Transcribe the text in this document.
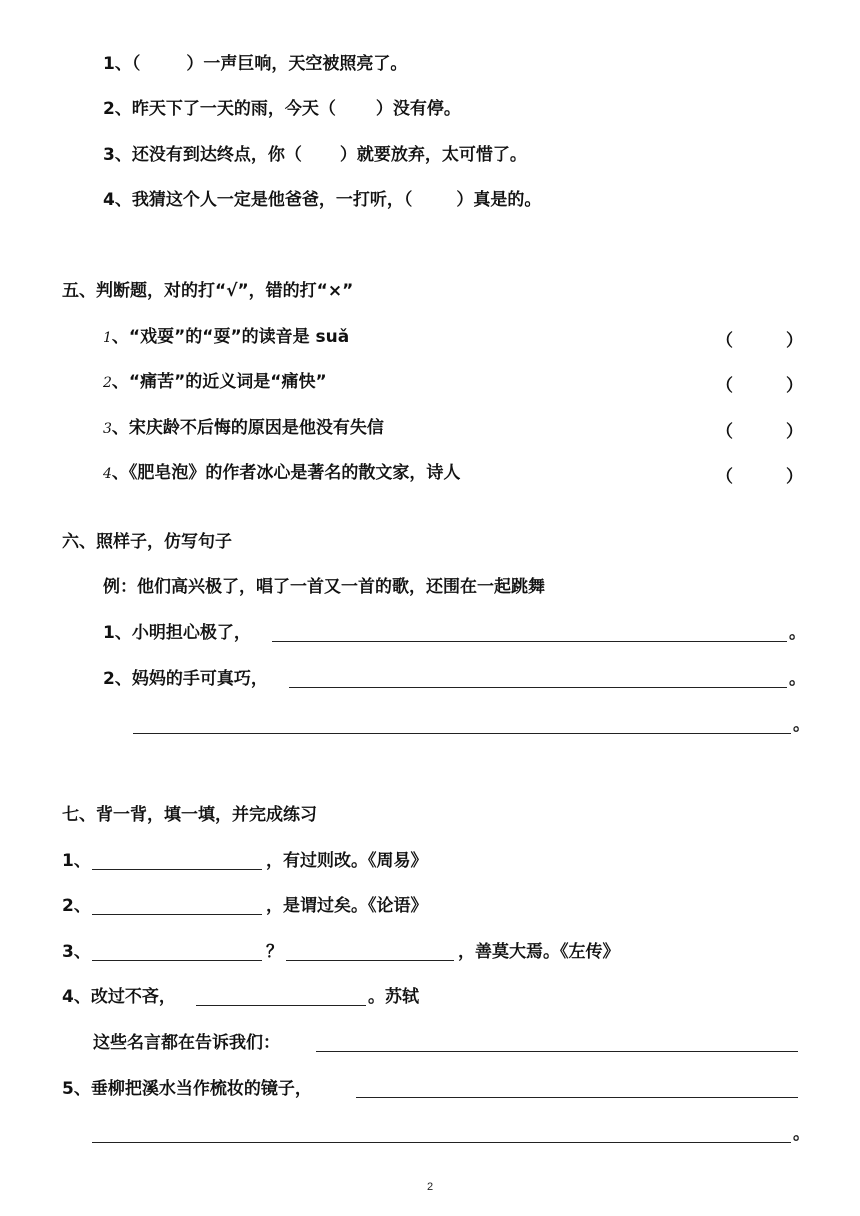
1、（	）一声巨响，天空被照亮了。
2、昨天下了一天的雨，今天（ ）没有停。
3、还没有到达终点，你（ ）就要放弃，太可惜了。
4、我猜这个人一定是他爸爸，一打听，（	）真是的。
五、判断题，对的打“√”，错的打“×”
1、“戏耍”的“耍”的读音是 suǎ	（	）
2、“痛苦”的近义词是“痛快”	（	）
3、宋庆龄不后悔的原因是他没有失信	（	）
4、《肥皂泡》的作者冰心是著名的散文家，诗人	（	）
六、照样子，仿写句子
例：他们高兴极了，唱了一首又一首的歌，还围在一起跳舞
1、小明担心极了，	。
2、妈妈的手可真巧，	。
。
七、背一背，填一填，并完成练习
1、	，有过则改。《周易》
2、	，是谓过矣。《论语》
3、	？	，善莫大焉。《左传》
4、改过不吝，	。苏轼
这些名言都在告诉我们：
5、垂柳把溪水当作梳妆的镜子，
。
2
